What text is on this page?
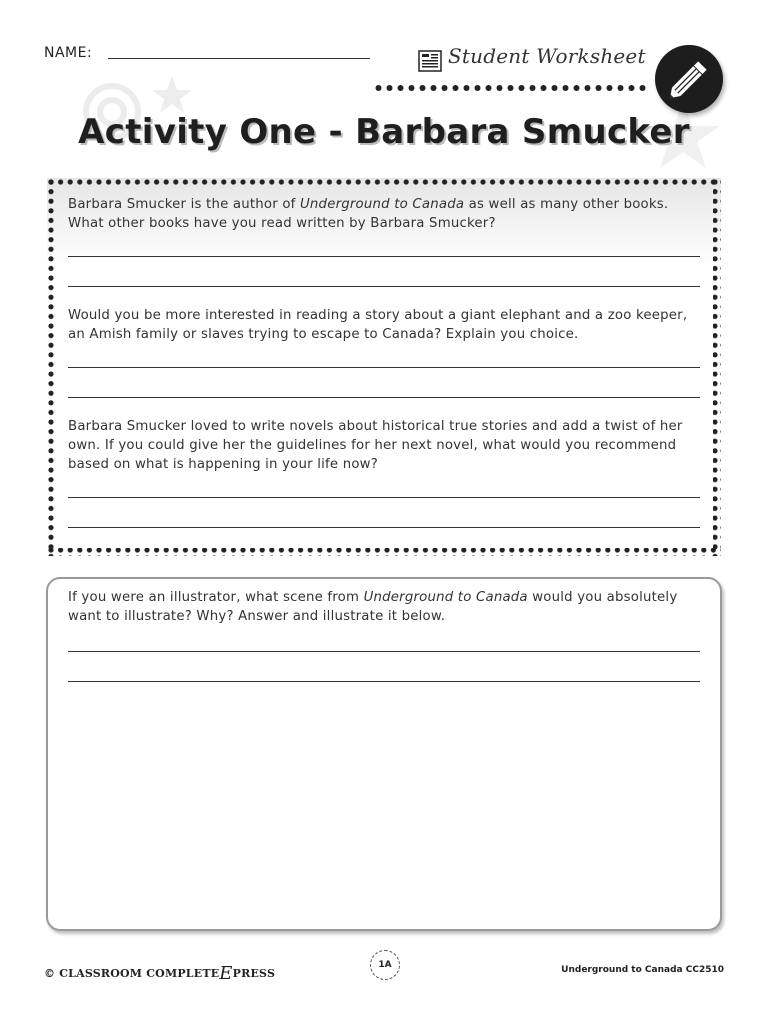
NAME:	Student Worksheet
Activity One - Barbara Smucker
Barbara Smucker is the author of Underground to Canada as well as many other books. What other books have you read written by Barbara Smucker?
Would you be more interested in reading a story about a giant elephant and a zoo keeper, an Amish family or slaves trying to escape to Canada? Explain you choice.
Barbara Smucker loved to write novels about historical true stories and add a twist of her own. If you could give her the guidelines for her next novel, what would you recommend based on what is happening in your life now?
If you were an illustrator, what scene from Underground to Canada would you absolutely want to illustrate? Why? Answer and illustrate it below.
© CLASSROOM COMPLETEEPRESS
1A	Underground to Canada CC2510
